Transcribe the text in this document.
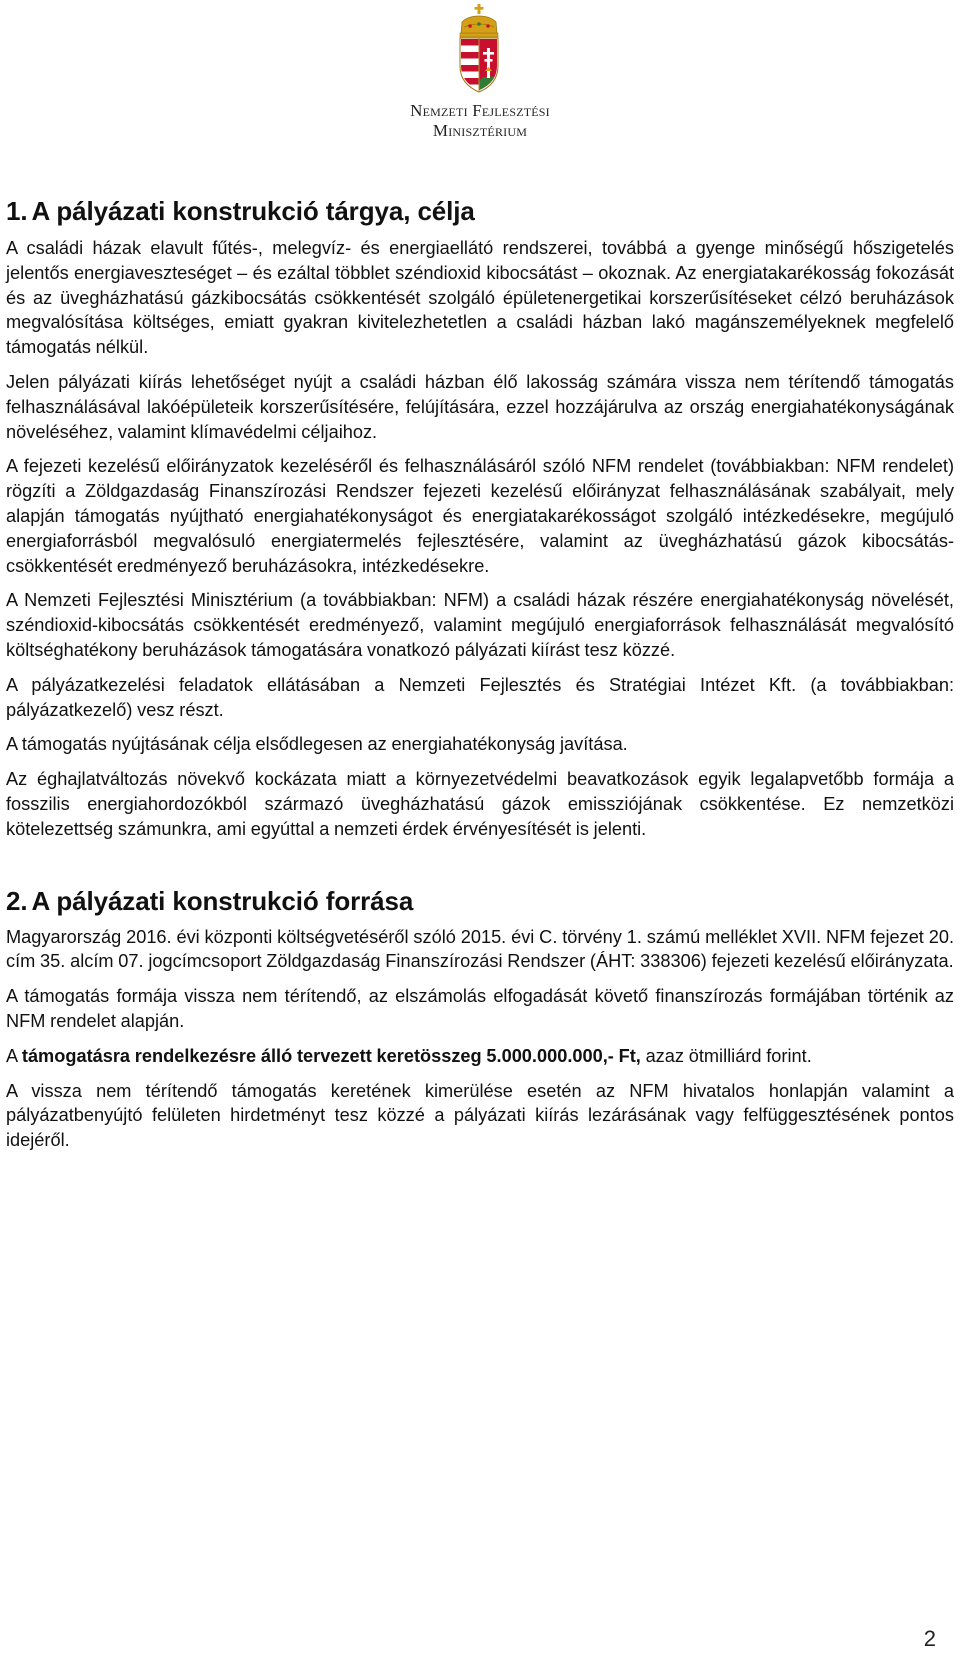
Nemzeti Fejlesztési
Minisztérium
1. A pályázati konstrukció tárgya, célja

A családi házak elavult fűtés-, melegvíz- és energiaellátó rendszerei, továbbá a gyenge minőségű hőszigetelés jelentős energiaveszteséget – és ezáltal többlet széndioxid kibocsátást – okoznak. Az energiatakarékosság fokozását és az üvegházhatású gázkibocsátás csökkentését szolgáló épületenergetikai korszerűsítéseket célzó beruházások megvalósítása költséges, emiatt gyakran kivitelezhetetlen a családi házban lakó magánszemélyeknek megfelelő támogatás nélkül.

Jelen pályázati kiírás lehetőséget nyújt a családi házban élő lakosság számára vissza nem térítendő támogatás felhasználásával lakóépületeik korszerűsítésére, felújítására, ezzel hozzájárulva az ország energiahatékonyságának növeléséhez, valamint klímavédelmi céljaihoz.

A fejezeti kezelésű előirányzatok kezeléséről és felhasználásáról szóló NFM rendelet (továbbiakban: NFM rendelet) rögzíti a Zöldgazdaság Finanszírozási Rendszer fejezeti kezelésű előirányzat felhasználásának szabályait, mely alapján támogatás nyújtható energiahatékonyságot és energiatakarékosságot szolgáló intézkedésekre, megújuló energiaforrásból megvalósuló energiatermelés fejlesztésére, valamint az üvegházhatású gázok kibocsátás-csökkentését eredményező beruházásokra, intézkedésekre.

A Nemzeti Fejlesztési Minisztérium (a továbbiakban: NFM) a családi házak részére energiahatékonyság növelését, széndioxid-kibocsátás csökkentését eredményező, valamint megújuló energiaforrások felhasználását megvalósító költséghatékony beruházások támogatására vonatkozó pályázati kiírást tesz közzé.

A pályázatkezelési feladatok ellátásában a Nemzeti Fejlesztés és Stratégiai Intézet Kft. (a továbbiakban: pályázatkezelő) vesz részt.

A támogatás nyújtásának célja elsődlegesen az energiahatékonyság javítása.

Az éghajlatváltozás növekvő kockázata miatt a környezetvédelmi beavatkozások egyik legalapvetőbb formája a fosszilis energiahordozókból származó üvegházhatású gázok emissziójának csökkentése. Ez nemzetközi kötelezettség számunkra, ami egyúttal a nemzeti érdek érvényesítését is jelenti.

2. A pályázati konstrukció forrása

Magyarország 2016. évi központi költségvetéséről szóló 2015. évi C. törvény 1. számú melléklet XVII. NFM fejezet 20. cím 35. alcím 07. jogcímcsoport Zöldgazdaság Finanszírozási Rendszer (ÁHT: 338306) fejezeti kezelésű előirányzata.

A támogatás formája vissza nem térítendő, az elszámolás elfogadását követő finanszírozás formájában történik az NFM rendelet alapján.

A támogatásra rendelkezésre álló tervezett keretösszeg 5.000.000.000,- Ft, azaz ötmilliárd forint.

A vissza nem térítendő támogatás keretének kimerülése esetén az NFM hivatalos honlapján valamint a pályázatbenyújtó felületen hirdetményt tesz közzé a pályázati kiírás lezárásának vagy felfüggesztésének pontos idejéről.

2
